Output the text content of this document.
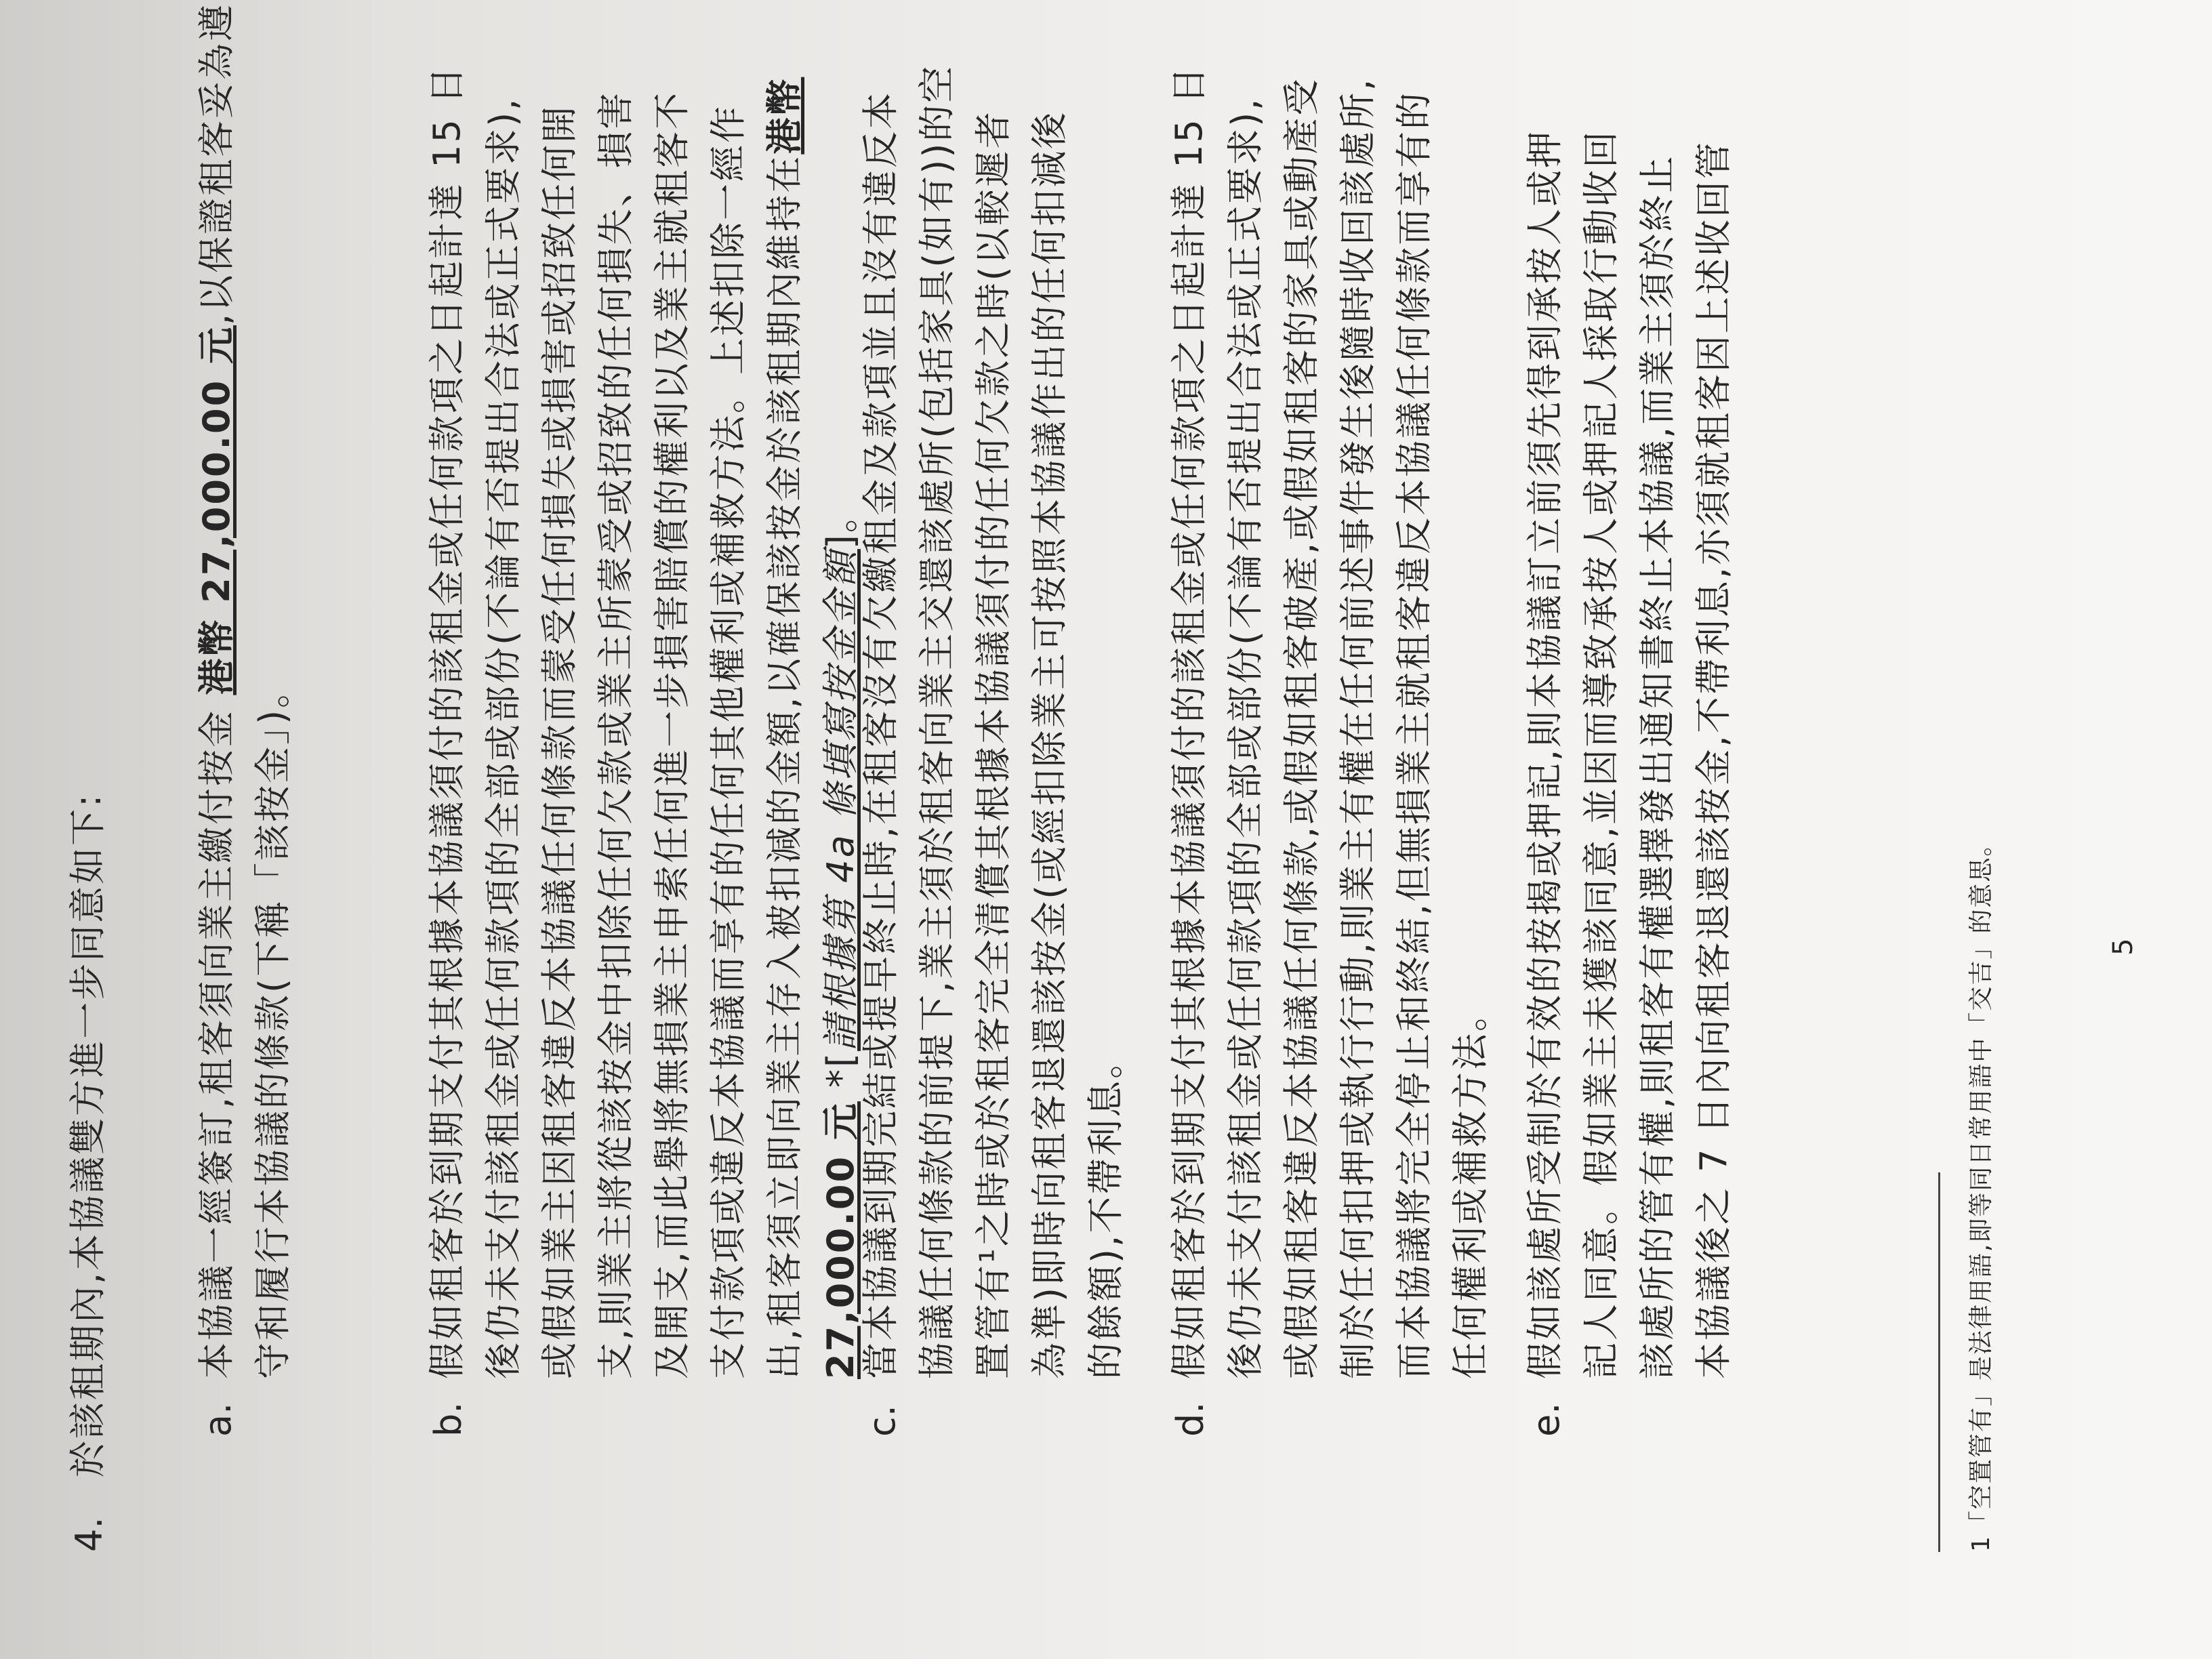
4.
於該租期內,本協議雙方進一步同意如下: a.
本協議一經簽訂,租客須向業主繳付按金 港幣 27,000.00 元,以保證租客妥為遵
守和履行本協議的條款(下稱「該按金」)。
b.
假如租客於到期支付其根據本協議須付的該租金或任何款項之日起計達 15 日 後仍未支付該租金或任何款項的全部或部份(不論有否提出合法或正式要求), 或假如業主因租客違反本協議任何條款而蒙受任何損失或損害或招致任何開 支,則業主將從該按金中扣除任何欠款或業主所蒙受或招致的任何損失、損害 及開支,而此舉將無損業主申索任何進一步損害賠償的權利以及業主就租客不 支付款項或違反本協議而享有的任何其他權利或補救方法。上述扣除一經作 出,租客須立即向業主存入被扣減的金額,以確保該按金於該租期內維持在港幣
27,000.00 元 *[請根據第 4a 條填寫按金金額]。
c.
當本協議到期完結或提早終止時,在租客沒有欠繳租金及款項並且沒有違反本 協議任何條款的前提下,業主須於租客向業主交還該處所(包括家具(如有))的空 置管有¹之時或於租客完全清償其根據本協議須付的任何欠款之時(以較遲者 為準)即時向租客退還該按金(或經扣除業主可按照本協議作出的任何扣減後 的餘額),不帶利息。
d.
假如租客於到期支付其根據本協議須付的該租金或任何款項之日起計達 15 日 後仍未支付該租金或任何款項的全部或部份(不論有否提出合法或正式要求), 或假如租客違反本協議任何條款,或假如租客破產,或假如租客的家具或動產受 制於任何扣押或執行行動,則業主有權在任何前述事件發生後隨時收回該處所, 而本協議將完全停止和終結,但無損業主就租客違反本協議任何條款而享有的 任何權利或補救方法。
e.
假如該處所受制於有效的按揭或押記,則本協議訂立前須先得到承按人或押 記人同意。假如業主未獲該同意,並因而導致承按人或押記人採取行動收回 該處所的管有權,則租客有權選擇發出通知書終止本協議,而業主須於終止 本協議後之 7 日內向租客退還該按金,不帶利息,亦須就租客因上述收回管	1「空置管有」是法律用語,即等同日常用語中「交吉」的意思。	5
